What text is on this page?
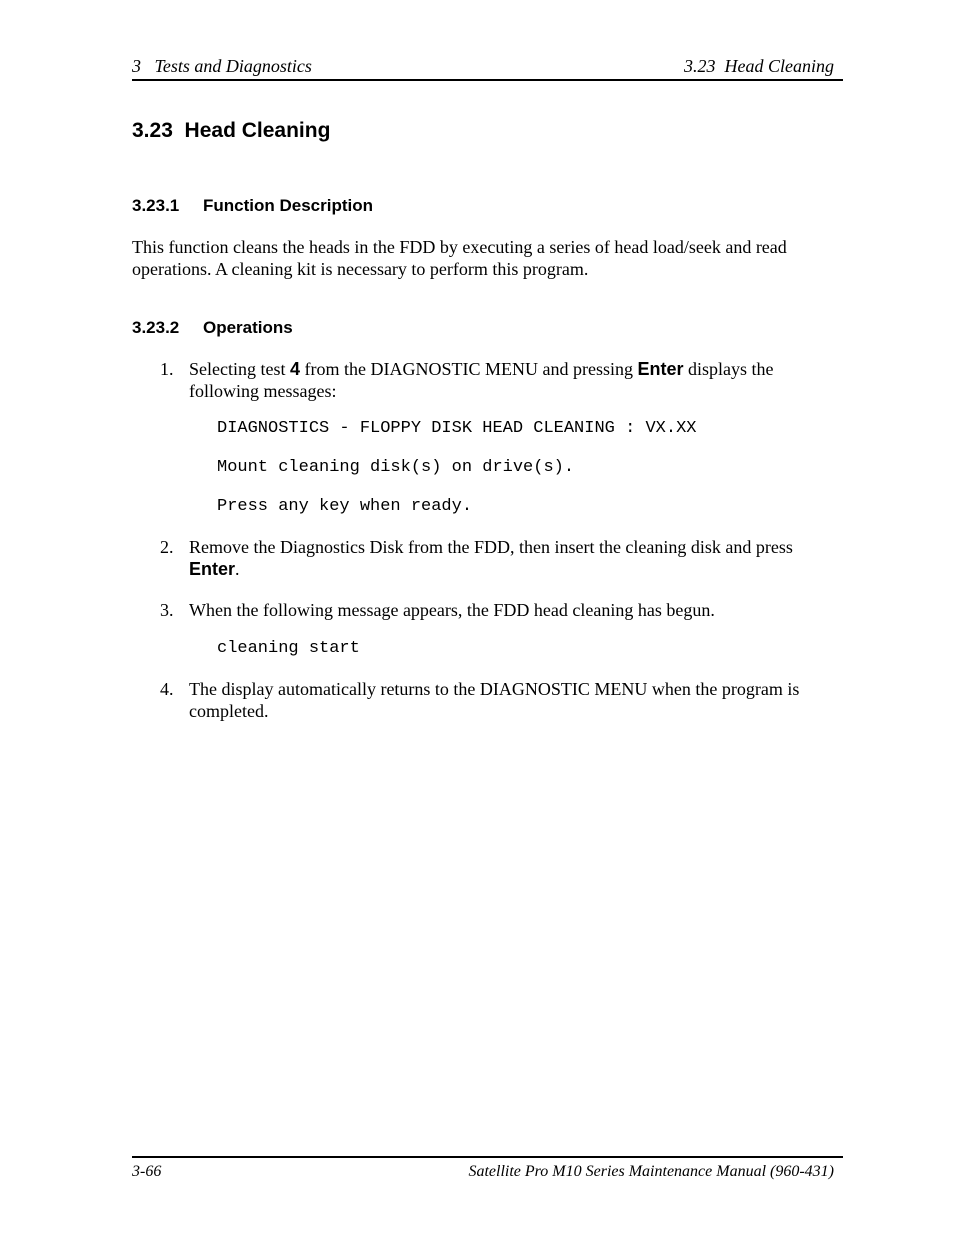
3   Tests and Diagnostics	3.23  Head Cleaning
3.23 Head Cleaning
3.23.1 Function Description

This function cleans the heads in the FDD by executing a series of head load/seek and read operations. A cleaning kit is necessary to perform this program.

3.23.2 Operations
1. Selecting test 4 from the DIAGNOSTIC MENU and pressing Enter displays the following messages:
DIAGNOSTICS - FLOPPY DISK HEAD CLEANING : VX.XX
Mount cleaning disk(s) on drive(s).
Press any key when ready.
2. Remove the Diagnostics Disk from the FDD, then insert the cleaning disk and press Enter.
3. When the following message appears, the FDD head cleaning has begun.
cleaning start
4. The display automatically returns to the DIAGNOSTIC MENU when the program is completed.
3-66	Satellite Pro M10 Series Maintenance Manual (960-431)
